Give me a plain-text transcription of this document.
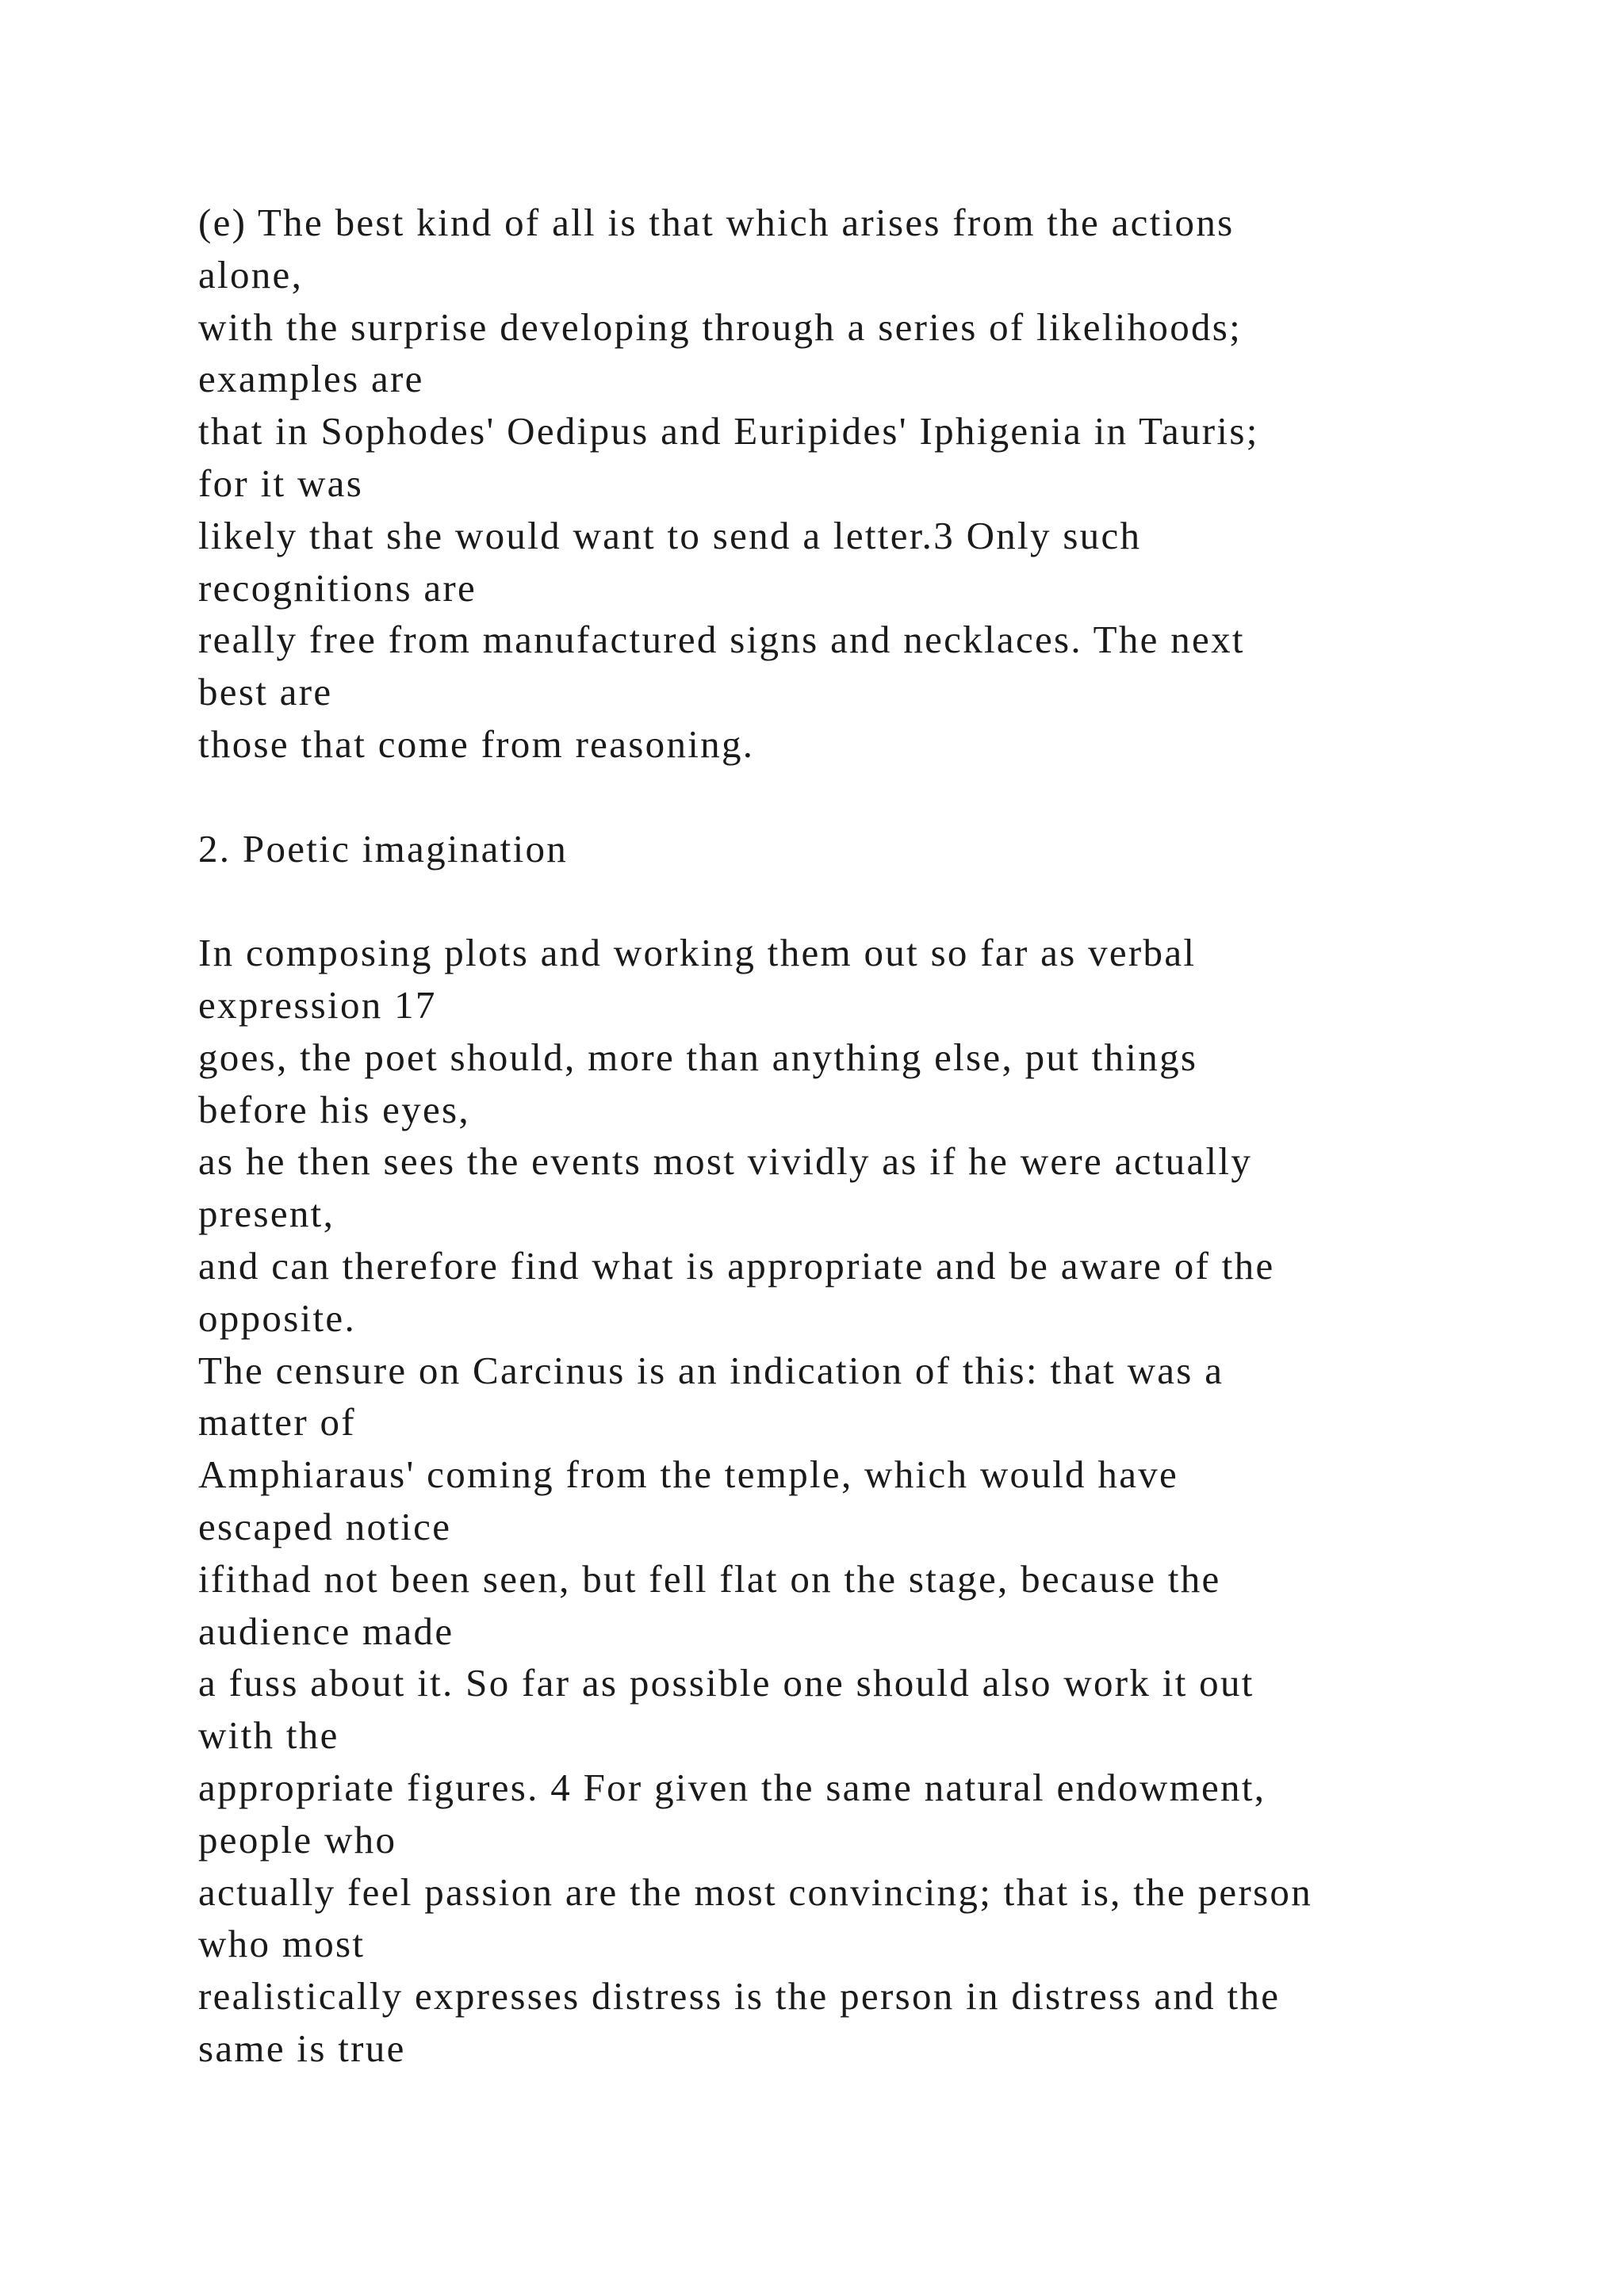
(e) The best kind of all is that which arises from the actions
alone,
with the surprise developing through a series of likelihoods;
examples are
that in Sophodes' Oedipus and Euripides' Iphigenia in Tauris;
for it was
likely that she would want to send a letter.3 Only such
recognitions are
really free from manufactured signs and necklaces. The next
best are
those that come from reasoning.
2. Poetic imagination
In composing plots and working them out so far as verbal
expression 17
goes, the poet should, more than anything else, put things
before his eyes,
as he then sees the events most vividly as if he were actually
present,
and can therefore find what is appropriate and be aware of the
opposite.
The censure on Carcinus is an indication of this: that was a
matter of
Amphiaraus' coming from the temple, which would have
escaped notice
ifithad not been seen, but fell flat on the stage, because the
audience made
a fuss about it. So far as possible one should also work it out
with the
appropriate figures. 4 For given the same natural endowment,
people who
actually feel passion are the most convincing; that is, the person
who most
realistically expresses distress is the person in distress and the
same is true
